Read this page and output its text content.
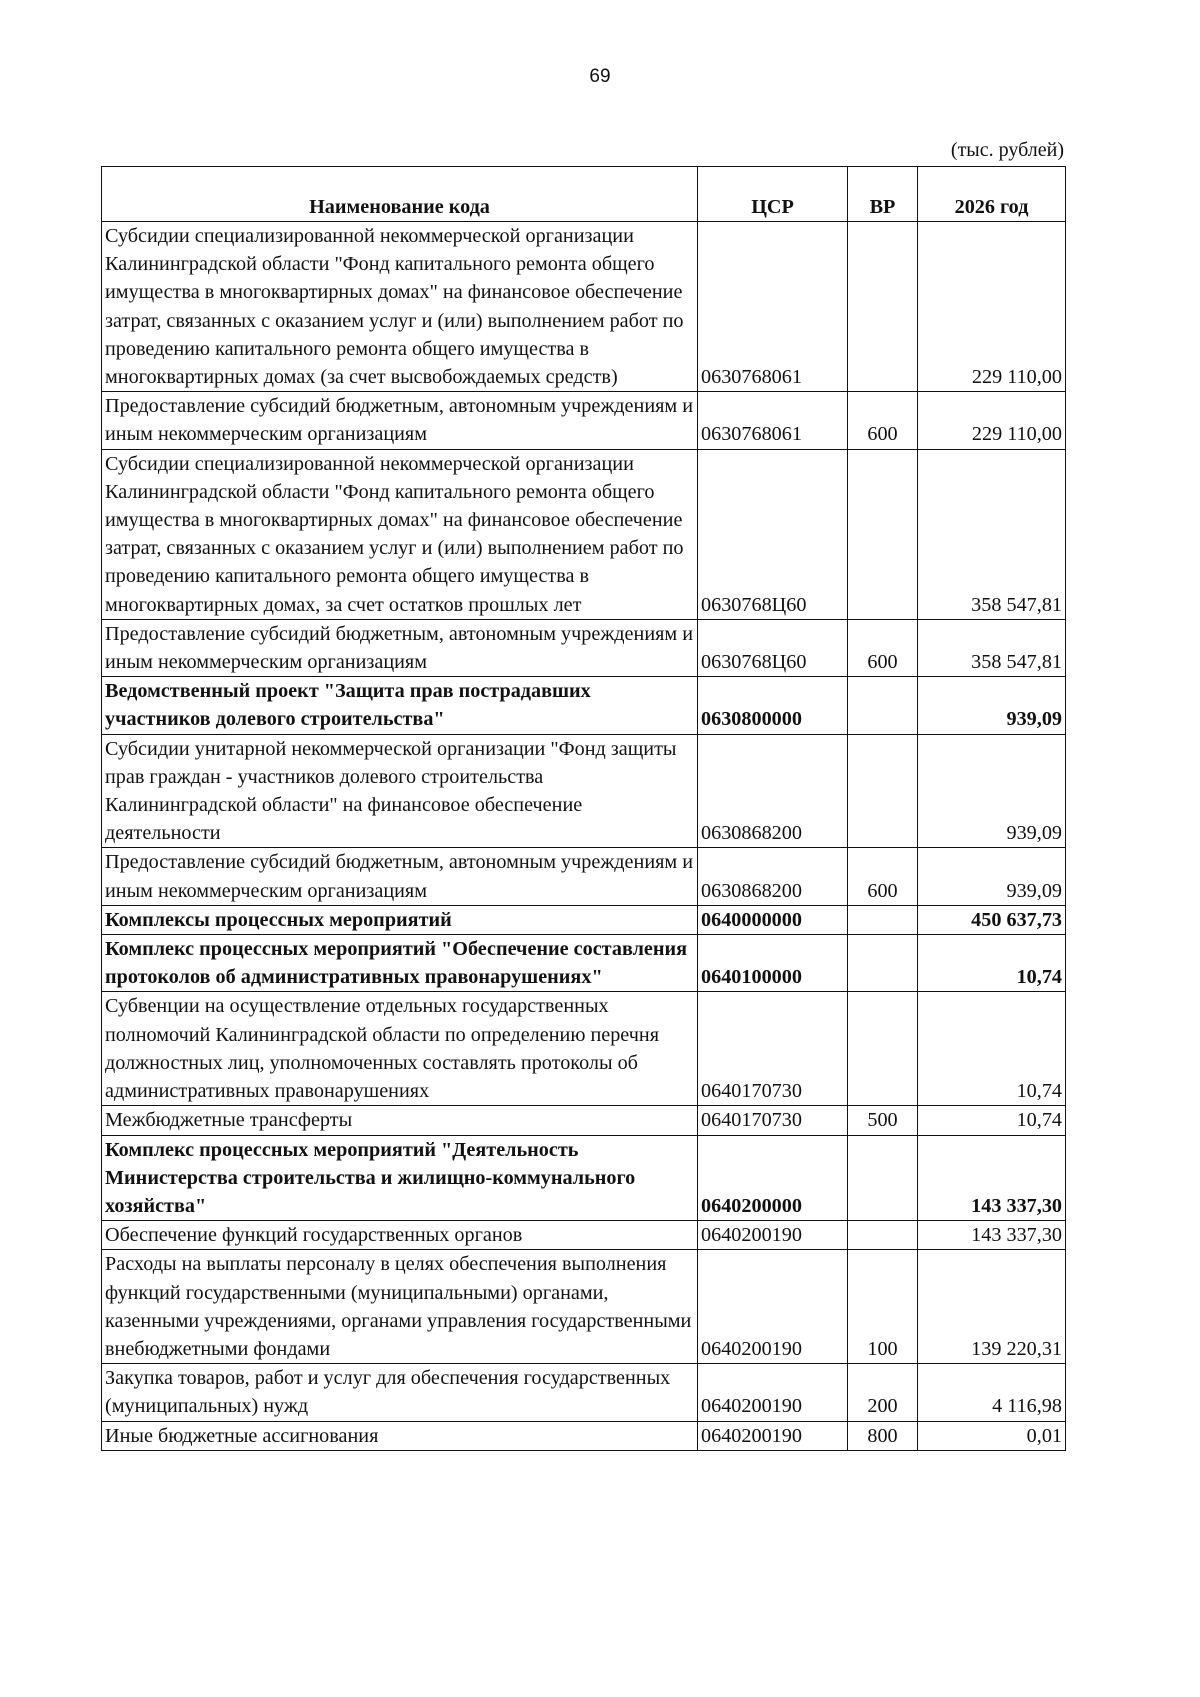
69
(тыс. рублей)
Наименование кода	ЦСР	ВР	2026 год
Субсидии специализированной некоммерческой организации Калининградской области "Фонд капитального ремонта общего имущества в многоквартирных домах" на финансовое обеспечение затрат, связанных с оказанием услуг и (или) выполнением работ по проведению капитального ремонта общего имущества в многоквартирных домах (за счет высвобождаемых средств)	0630768061		229 110,00
Предоставление субсидий бюджетным, автономным учреждениям и иным некоммерческим организациям	0630768061	600	229 110,00
Субсидии специализированной некоммерческой организации Калининградской области "Фонд капитального ремонта общего имущества в многоквартирных домах" на финансовое обеспечение затрат, связанных с оказанием услуг и (или) выполнением работ по проведению капитального ремонта общего имущества в многоквартирных домах, за счет остатков прошлых лет	0630768Ц60		358 547,81
Предоставление субсидий бюджетным, автономным учреждениям и иным некоммерческим организациям	0630768Ц60	600	358 547,81
Ведомственный проект "Защита прав пострадавших участников долевого строительства"	0630800000		939,09
Субсидии унитарной некоммерческой организации "Фонд защиты прав граждан - участников долевого строительства Калининградской области" на финансовое обеспечение деятельности	0630868200		939,09
Предоставление субсидий бюджетным, автономным учреждениям и иным некоммерческим организациям	0630868200	600	939,09
Комплексы процессных мероприятий	0640000000		450 637,73
Комплекс процессных мероприятий "Обеспечение составления протоколов об административных правонарушениях"	0640100000		10,74
Субвенции на осуществление отдельных государственных полномочий Калининградской области по определению перечня должностных лиц, уполномоченных составлять протоколы об административных правонарушениях	0640170730		10,74
Межбюджетные трансферты	0640170730	500	10,74
Комплекс процессных мероприятий "Деятельность Министерства строительства и жилищно-коммунального хозяйства"	0640200000		143 337,30
Обеспечение функций государственных органов	0640200190		143 337,30
Расходы на выплаты персоналу в целях обеспечения выполнения функций государственными (муниципальными) органами, казенными учреждениями, органами управления государственными внебюджетными фондами	0640200190	100	139 220,31
Закупка товаров, работ и услуг для обеспечения государственных (муниципальных) нужд	0640200190	200	4 116,98
Иные бюджетные ассигнования	0640200190	800	0,01
